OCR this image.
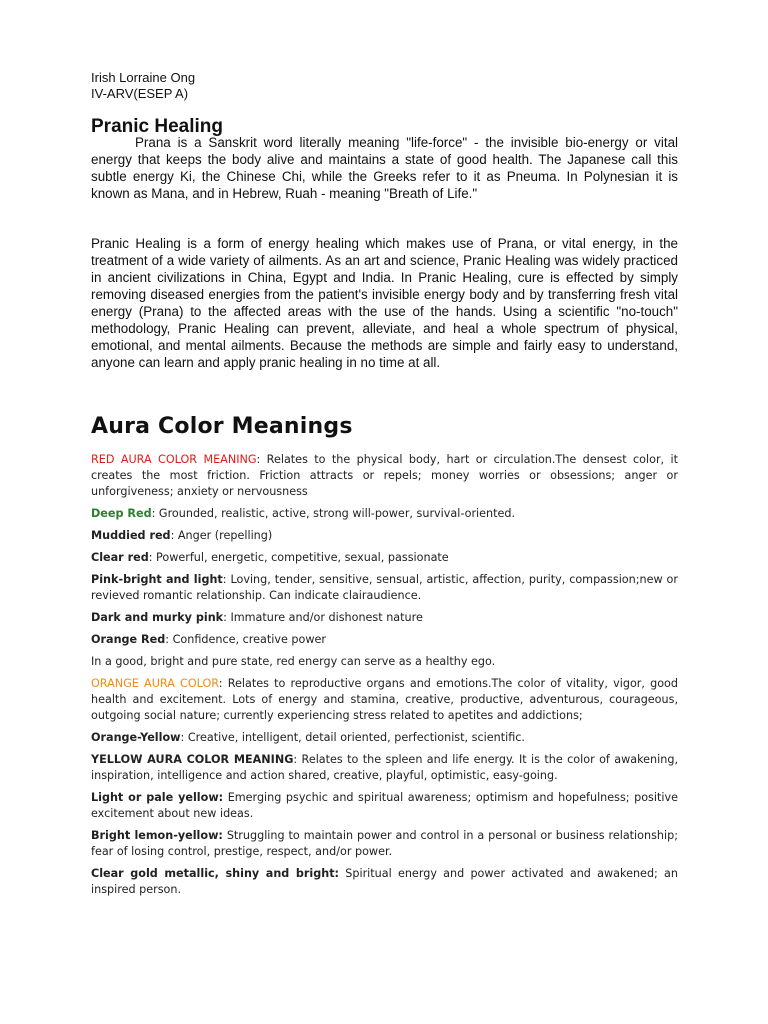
Irish Lorraine Ong
IV-ARV(ESEP A)
Pranic Healing

Prana is a Sanskrit word literally meaning "life-force" - the invisible bio-energy or vital energy that keeps the body alive and maintains a state of good health. The Japanese call this subtle energy Ki, the Chinese Chi, while the Greeks refer to it as Pneuma. In Polynesian it is known as Mana, and in Hebrew, Ruah - meaning "Breath of Life."

Pranic Healing is a form of energy healing which makes use of Prana, or vital energy, in the treatment of a wide variety of ailments. As an art and science, Pranic Healing was widely practiced in ancient civilizations in China, Egypt and India. In Pranic Healing, cure is effected by simply removing diseased energies from the patient's invisible energy body and by transferring fresh vital energy (Prana) to the affected areas with the use of the hands. Using a scientific "no-touch" methodology, Pranic Healing can prevent, alleviate, and heal a whole spectrum of physical, emotional, and mental ailments. Because the methods are simple and fairly easy to understand, anyone can learn and apply pranic healing in no time at all.

Aura Color Meanings

RED AURA COLOR MEANING: Relates to the physical body, hart or circulation.The densest color, it creates the most friction. Friction attracts or repels; money worries or obsessions; anger or unforgiveness; anxiety or nervousness

Deep Red: Grounded, realistic, active, strong will-power, survival-oriented.

Muddied red: Anger (repelling)

Clear red: Powerful, energetic, competitive, sexual, passionate

Pink-bright and light: Loving, tender, sensitive, sensual, artistic, affection, purity, compassion;new or revieved romantic relationship. Can indicate clairaudience.

Dark and murky pink: Immature and/or dishonest nature

Orange Red: Confidence, creative power

In a good, bright and pure state, red energy can serve as a healthy ego.

ORANGE AURA COLOR: Relates to reproductive organs and emotions.The color of vitality, vigor, good health and excitement. Lots of energy and stamina, creative, productive, adventurous, courageous, outgoing social nature; currently experiencing stress related to apetites and addictions;

Orange-Yellow: Creative, intelligent, detail oriented, perfectionist, scientific.

YELLOW AURA COLOR MEANING: Relates to the spleen and life energy. It is the color of awakening, inspiration, intelligence and action shared, creative, playful, optimistic, easy-going.

Light or pale yellow: Emerging psychic and spiritual awareness; optimism and hopefulness; positive excitement about new ideas.

Bright lemon-yellow: Struggling to maintain power and control in a personal or business relationship; fear of losing control, prestige, respect, and/or power.

Clear gold metallic, shiny and bright: Spiritual energy and power activated and awakened; an inspired person.
